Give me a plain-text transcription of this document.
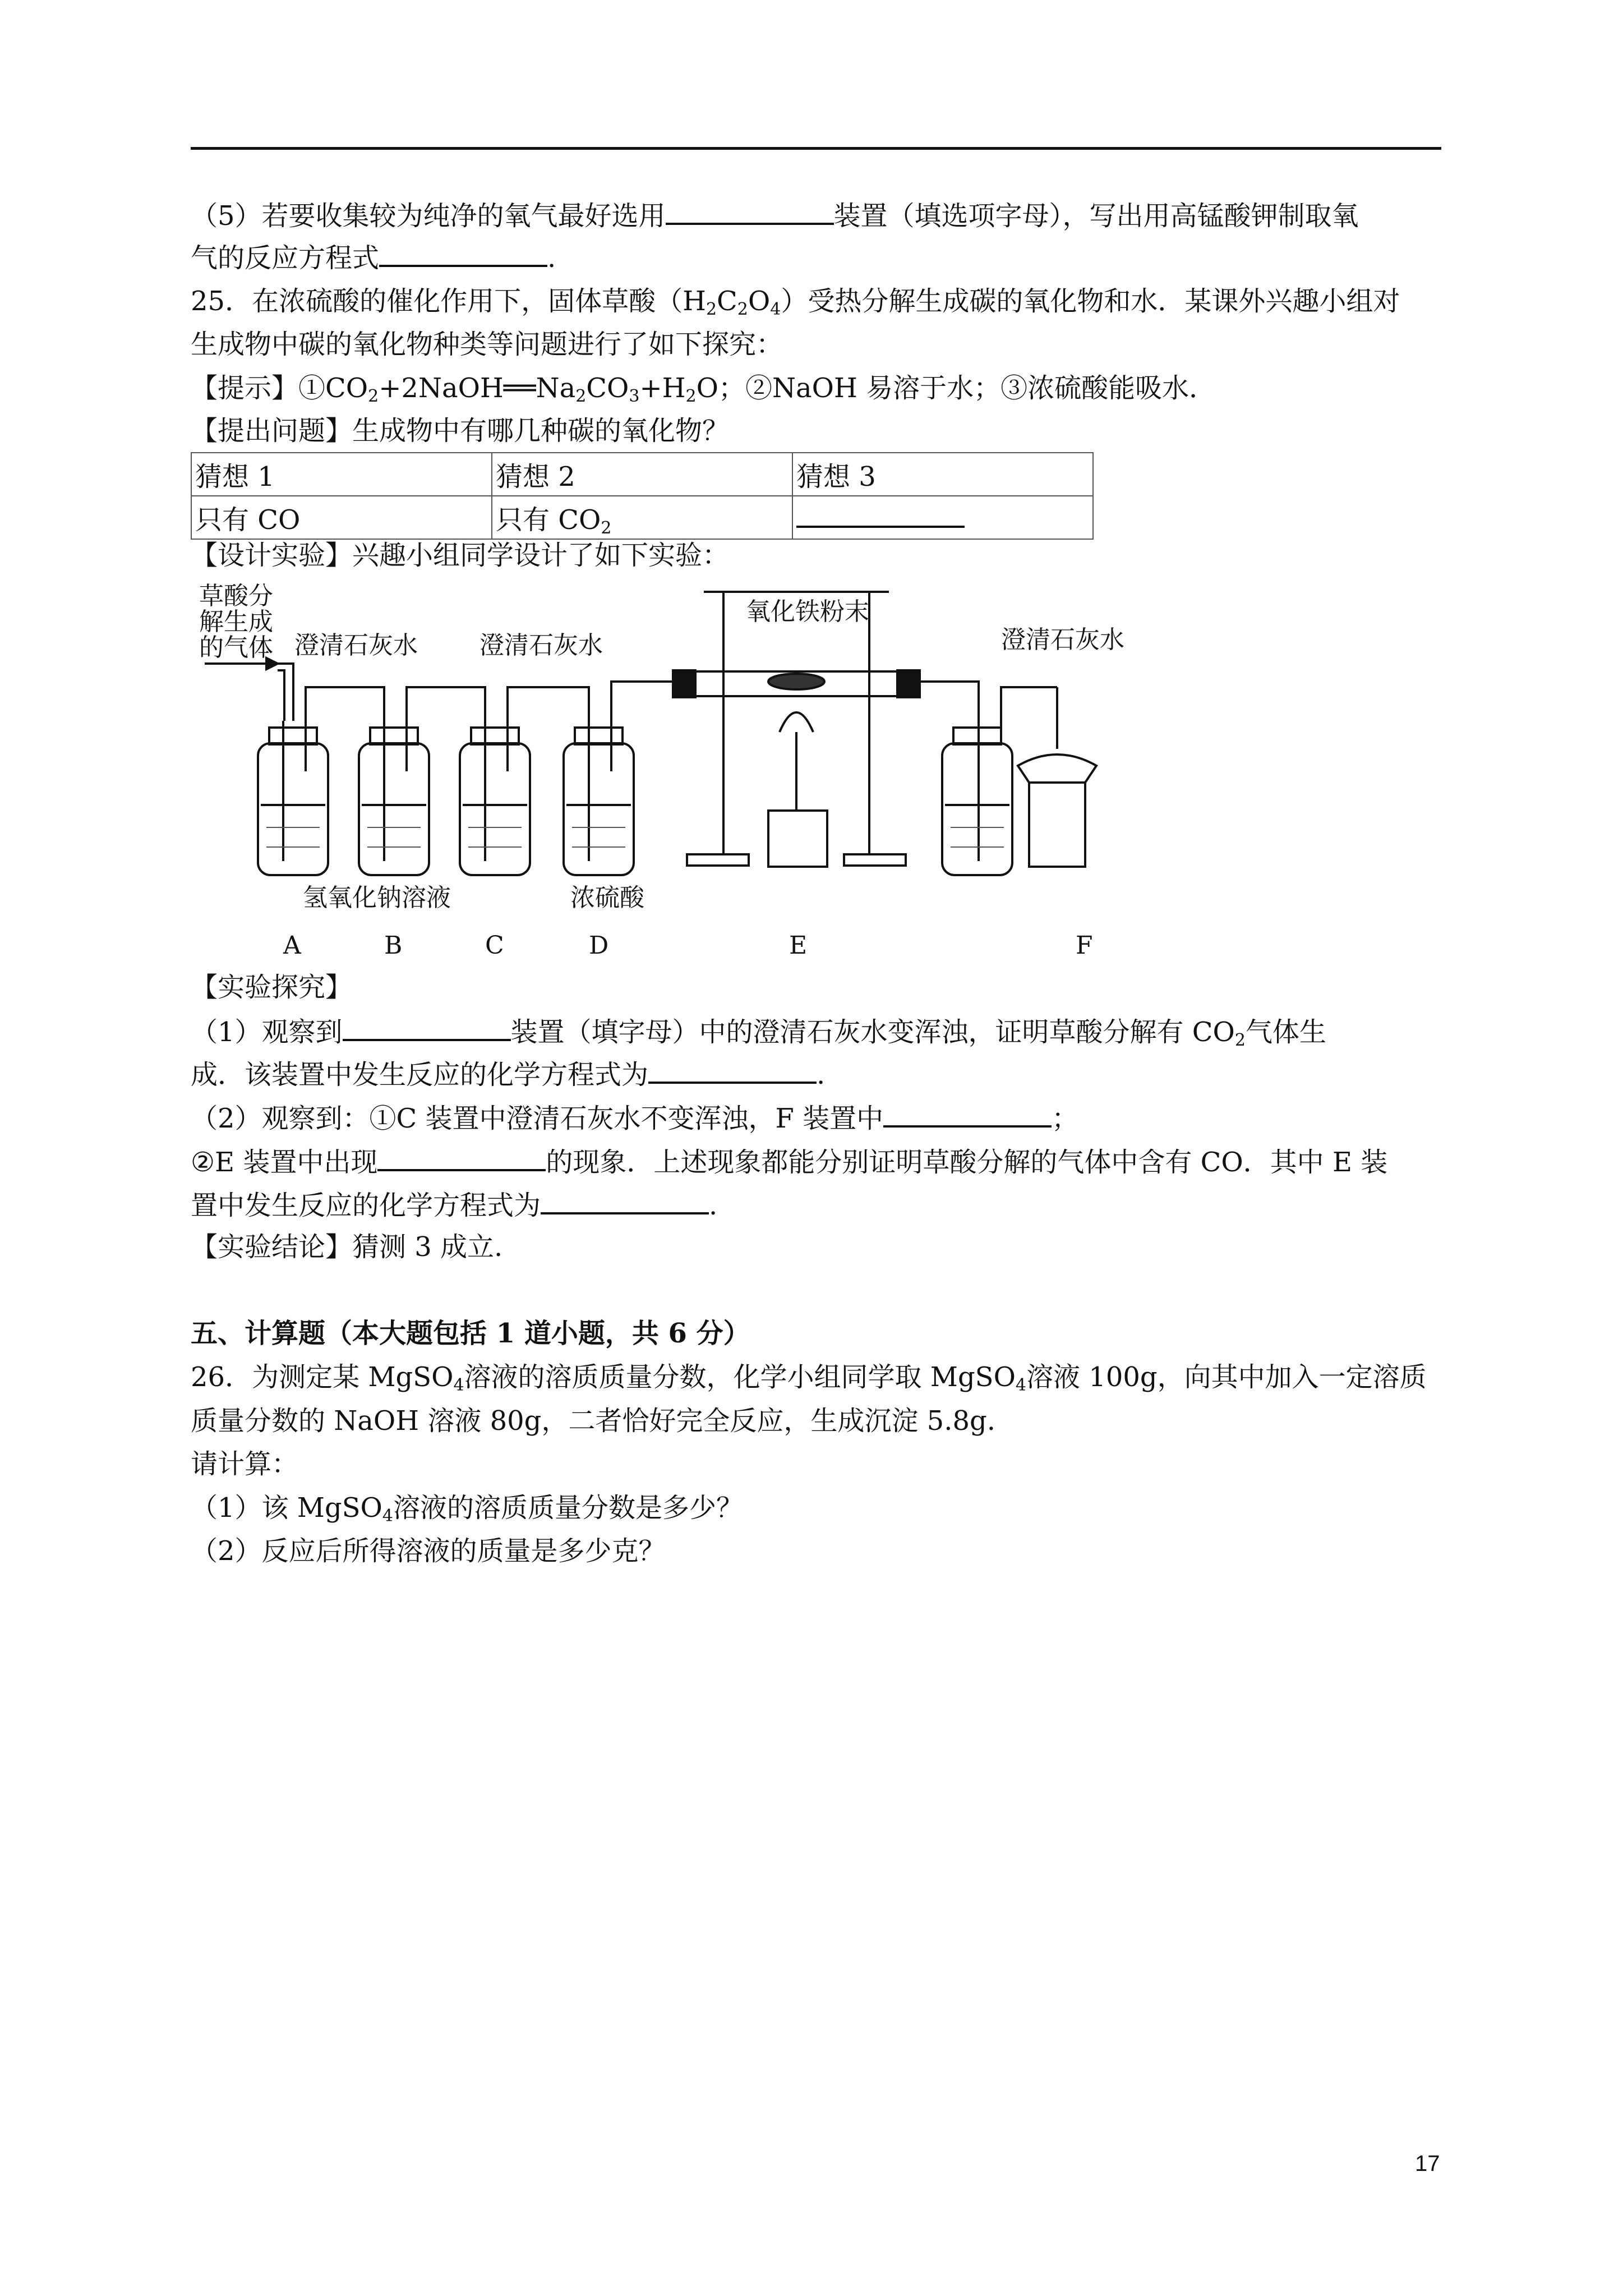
（5）若要收集较为纯净的氧气最好选用	装置（填选项字母），写出用高锰酸钾制取氧
气的反应方程式	.
25．在浓硫酸的催化作用下，固体草酸$(H_2C_2O_4)$受热分解生成碳的氧化物和水．某课外兴趣小组对
生成物中碳的氧化物种类等问题进行了如下探究：
【提示】$①CO_2+2NaOH══Na_2CO_3+H_2O$；②NaOH 易溶于水；③浓硫酸能吸水．
【提出问题】生成物中有哪几种碳的氧化物？
猜想 1	猜想 2	猜想 3
只有 CO	只有 $CO_2$	
【设计实验】兴趣小组同学设计了如下实验：
草酸分
解生成
的气体 澄清石灰水	澄清石灰水
氧化铁粉末
澄清石灰水
氢氧化钠溶液	浓硫酸
A	B	C	D	E	F
【实验探究】
（1）观察到	装置（填字母）中的澄清石灰水变浑浊，证明草酸分解有 $CO_2$气体生
成．该装置中发生反应的化学方程式为	.
（2）观察到：①C 装置中澄清石灰水不变浑浊，F 装置中	；
②E 装置中出现	的现象．上述现象都能分别证明草酸分解的气体中含有 CO．其中 E 装
置中发生反应的化学方程式为	.
【实验结论】猜测 3 成立.
五、计算题（本大题包括 1 道小题，共 6 分）
26．为测定某 MgSO$_4$溶液的溶质质量分数，化学小组同学取 MgSO$_4$溶液 100g，向其中加入一定溶质
质量分数的 NaOH 溶液 80g，二者恰好完全反应，生成沉淀 5.8g.
请计算：
（1）该 MgSO$_4$溶液的溶质质量分数是多少？
（2）反应后所得溶液的质量是多少克？
17
